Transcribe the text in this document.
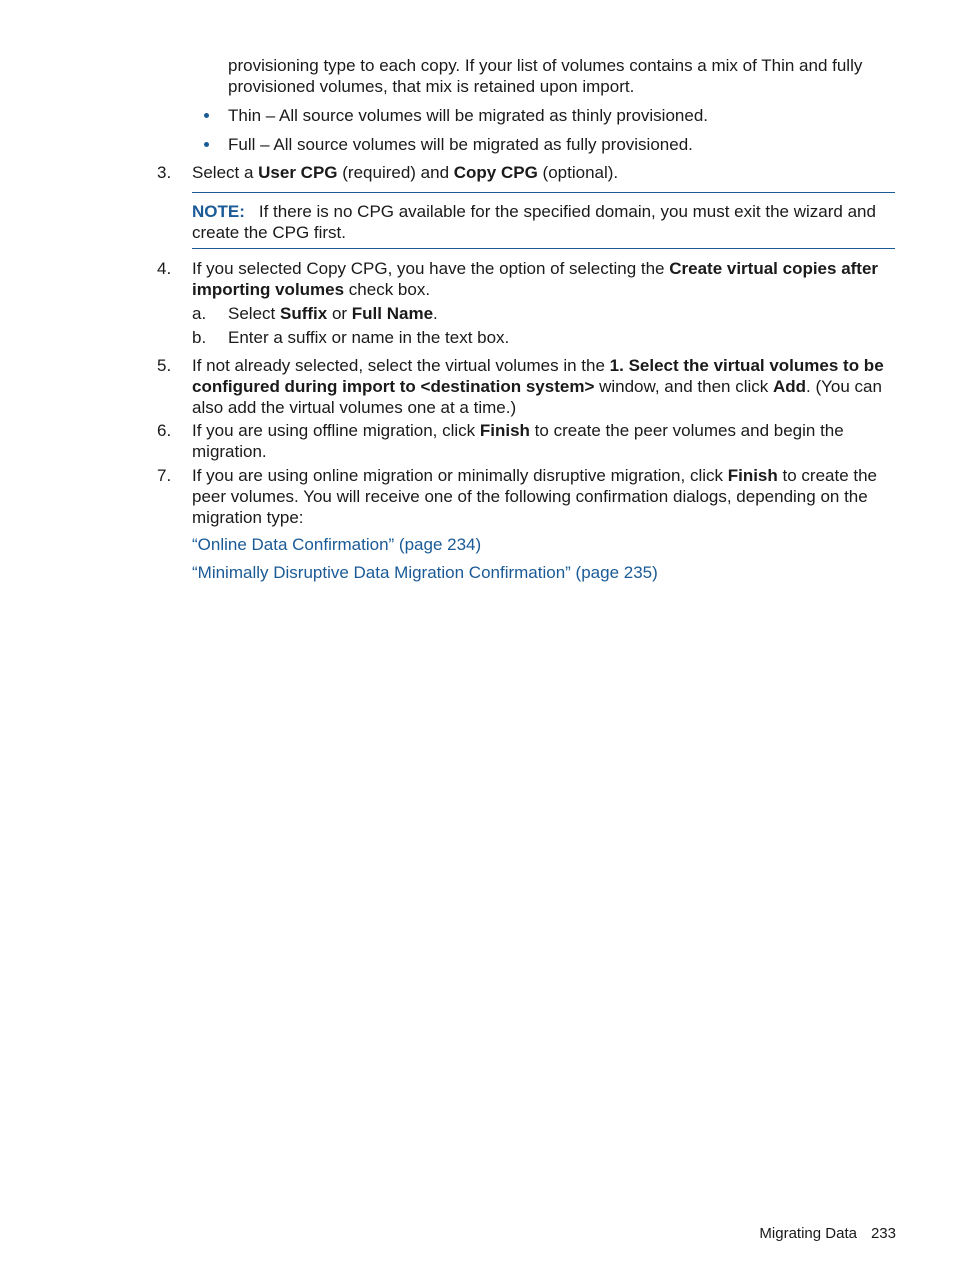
provisioning type to each copy. If your list of volumes contains a mix of Thin and fully
provisioned volumes, that mix is retained upon import.
Thin – All source volumes will be migrated as thinly provisioned.
Full – All source volumes will be migrated as fully provisioned.
3.	Select a User CPG (required) and Copy CPG (optional).
NOTE: If there is no CPG available for the specified domain, you must exit the wizard and create the CPG first.
4.	If you selected Copy CPG, you have the option of selecting the Create virtual copies after importing volumes check box.
a.	Select Suffix or Full Name.
b.	Enter a suffix or name in the text box.
5.	If not already selected, select the virtual volumes in the 1. Select the virtual volumes to be configured during import to <destination system> window, and then click Add. (You can also add the virtual volumes one at a time.)
6.	If you are using offline migration, click Finish to create the peer volumes and begin the migration.
7.	If you are using online migration or minimally disruptive migration, click Finish to create the peer volumes. You will receive one of the following confirmation dialogs, depending on the migration type:
“Online Data Confirmation” (page 234)
“Minimally Disruptive Data Migration Confirmation” (page 235)
Migrating Data 233
